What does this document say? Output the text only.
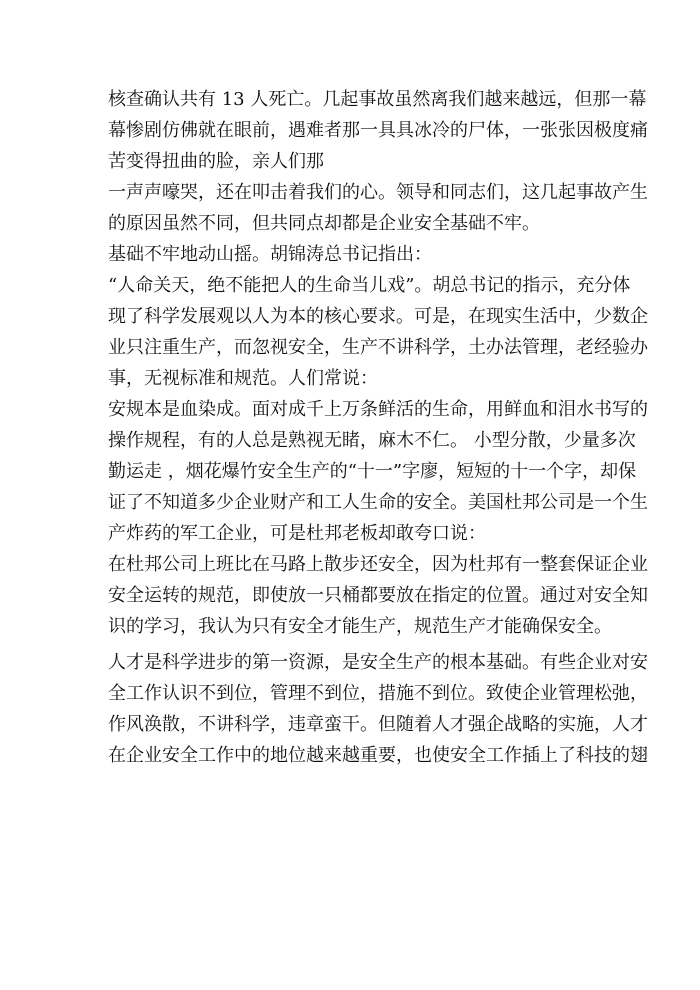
核查确认共有 13 人死亡。几起事故虽然离我们越来越远，但那一幕
幕惨剧仿佛就在眼前，遇难者那一具具冰冷的尸体，一张张因极度痛
苦变得扭曲的脸，亲人们那

一声声嚎哭，还在叩击着我们的心。领导和同志们，这几起事故产生
的原因虽然不同，但共同点却都是企业安全基础不牢。

基础不牢地动山摇。胡锦涛总书记指出：

“人命关天，绝不能把人的生命当儿戏”。胡总书记的指示，充分体
现了科学发展观以人为本的核心要求。可是，在现实生活中，少数企
业只注重生产，而忽视安全，生产不讲科学，土办法管理，老经验办
事，无视标准和规范。人们常说：

安规本是血染成。面对成千上万条鲜活的生命，用鲜血和泪水书写的
操作规程，有的人总是熟视无睹，麻木不仁。 小型分散，少量多次
勤运走 ，烟花爆竹安全生产的“十一”字廖，短短的十一个字，却保
证了不知道多少企业财产和工人生命的安全。美国杜邦公司是一个生
产炸药的军工企业，可是杜邦老板却敢夸口说：

在杜邦公司上班比在马路上散步还安全，因为杜邦有一整套保证企业
安全运转的规范，即使放一只桶都要放在指定的位置。通过对安全知
识的学习，我认为只有安全才能生产，规范生产才能确保安全。

人才是科学进步的第一资源，是安全生产的根本基础。有些企业对安
全工作认识不到位，管理不到位，措施不到位。致使企业管理松弛，
作风涣散，不讲科学，违章蛮干。但随着人才强企战略的实施，人才
在企业安全工作中的地位越来越重要，也使安全工作插上了科技的翅
